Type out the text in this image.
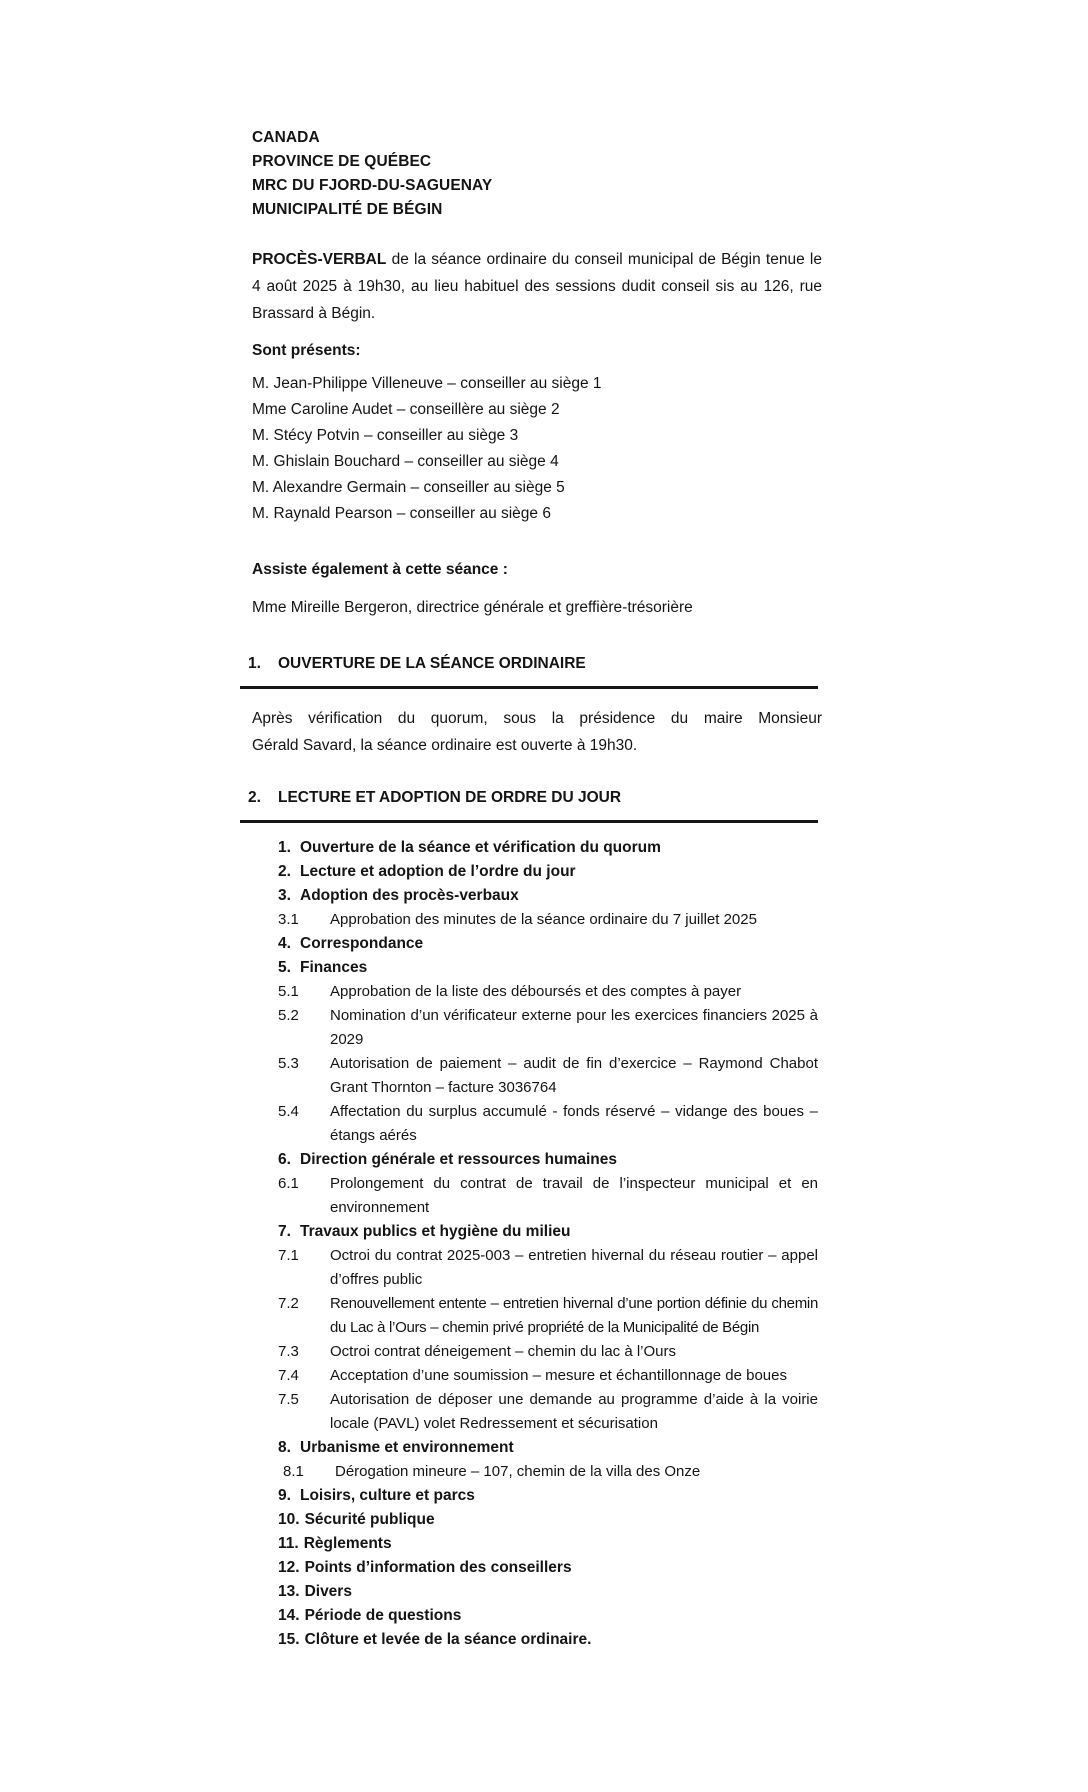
CANADA

PROVINCE DE QUÉBEC

MRC DU FJORD-DU-SAGUENAY

MUNICIPALITÉ DE BÉGIN

PROCÈS-VERBAL de la séance ordinaire du conseil municipal de Bégin tenue le 4 août 2025 à 19h30, au lieu habituel des sessions dudit conseil sis au 126, rue Brassard à Bégin.

Sont présents:

M. Jean-Philippe Villeneuve – conseiller au siège 1

Mme Caroline Audet – conseillère au siège 2

M. Stécy Potvin – conseiller au siège 3

M. Ghislain Bouchard – conseiller au siège 4

M. Alexandre Germain – conseiller au siège 5

M. Raynald Pearson – conseiller au siège 6

Assiste également à cette séance :

Mme Mireille Bergeron, directrice générale et greffière-trésorière

1.	OUVERTURE DE LA SÉANCE ORDINAIRE

Après vérification du quorum, sous la présidence du maire Monsieur
Gérald Savard, la séance ordinaire est ouverte à 19h30.

2.	LECTURE ET ADOPTION DE ORDRE DU JOUR
1. Ouverture de la séance et vérification du quorum
2. Lecture et adoption de l’ordre du jour
3. Adoption des procès-verbaux
3.1	Approbation des minutes de la séance ordinaire du 7 juillet 2025
4. Correspondance
5. Finances
5.1	Approbation de la liste des déboursés et des comptes à payer
5.2	Nomination d’un vérificateur externe pour les exercices financiers 2025 à 2029
5.3	Autorisation de paiement – audit de fin d’exercice – Raymond Chabot Grant Thornton – facture 3036764
5.4	Affectation du surplus accumulé - fonds réservé – vidange des boues – étangs aérés
6. Direction générale et ressources humaines
6.1	Prolongement du contrat de travail de l’inspecteur municipal et en environnement
7. Travaux publics et hygiène du milieu
7.1	Octroi du contrat 2025-003 – entretien hivernal du réseau routier – appel d’offres public
7.2	Renouvellement entente – entretien hivernal d’une portion définie du chemin du Lac à l’Ours – chemin privé propriété de la Municipalité de Bégin
7.3	Octroi contrat déneigement – chemin du lac à l’Ours
7.4	Acceptation d’une soumission – mesure et échantillonnage de boues
7.5	Autorisation de déposer une demande au programme d’aide à la voirie locale (PAVL) volet Redressement et sécurisation
8. Urbanisme et environnement
8.1	Dérogation mineure – 107, chemin de la villa des Onze
9. Loisirs, culture et parcs
10. Sécurité publique
11. Règlements
12. Points d’information des conseillers
13. Divers
14. Période de questions
15. Clôture et levée de la séance ordinaire.
